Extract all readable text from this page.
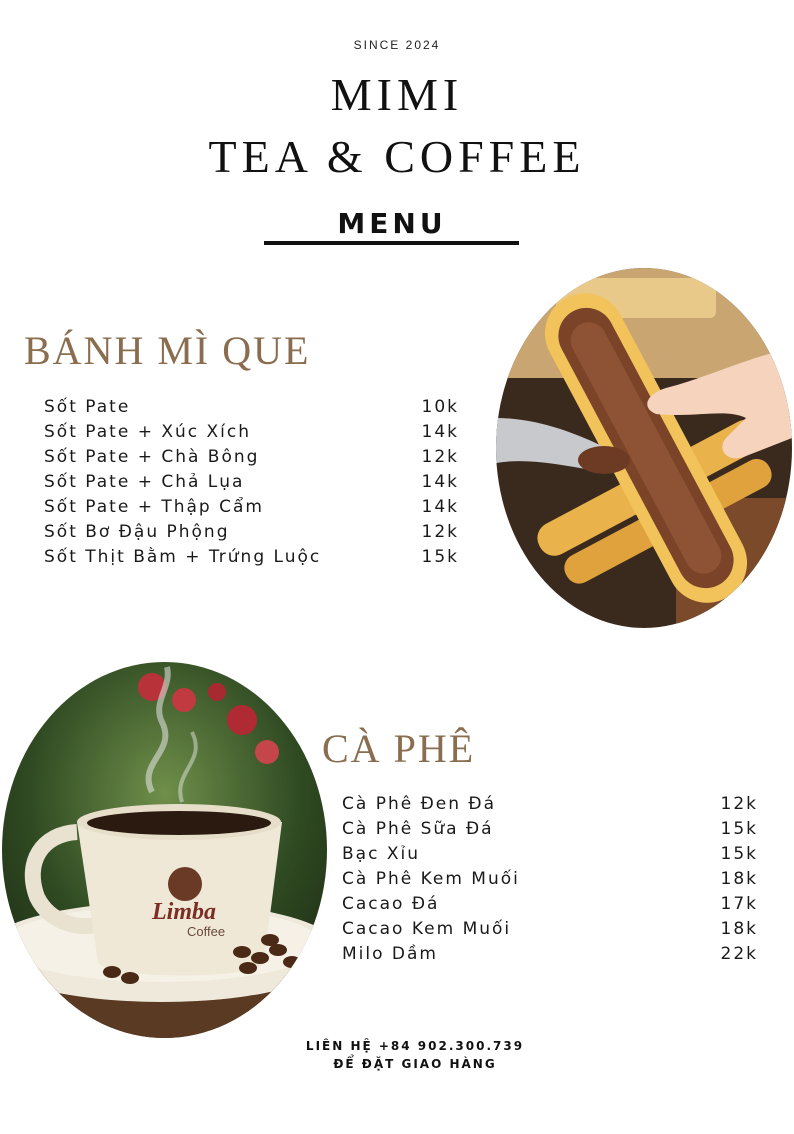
SINCE 2024
MIMI
TEA & COFFEE
MENU
BÁNH MÌ QUE
Sốt Pate	10k
Sốt Pate + Xúc Xích	14k
Sốt Pate + Chà Bông	12k
Sốt Pate + Chả Lụa	14k
Sốt Pate + Thập Cẩm	14k
Sốt Bơ Đậu Phộng	12k
Sốt Thịt Bằm + Trứng Luộc	15k
Limba
Coffee
CÀ PHÊ
Cà Phê Đen Đá	12k
Cà Phê Sữa Đá	15k
Bạc Xỉu	15k
Cà Phê Kem Muối	18k
Cacao Đá	17k
Cacao Kem Muối	18k
Milo Dầm	22k
LIÊN HỆ +84 902.300.739
ĐỂ ĐẶT GIAO HÀNG
